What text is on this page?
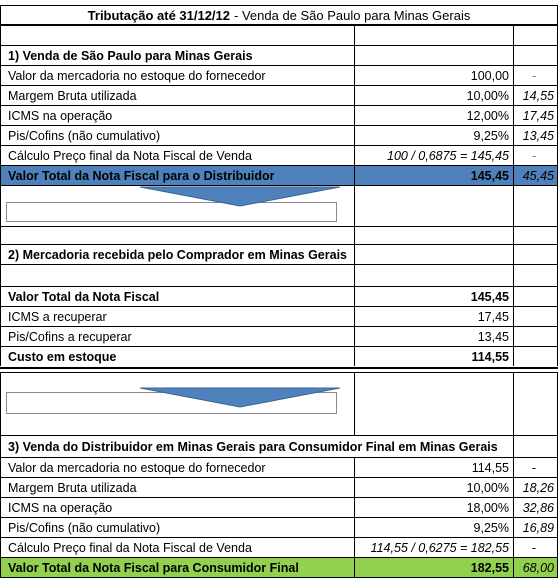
Tributação até 31/12/12 - Venda de São Paulo para Minas Gerais
1) Venda de São Paulo para Minas Gerais
Valor da mercadoria no estoque do fornecedor	100,00	-
Margem Bruta utilizada	10,00%	14,55
ICMS na operação	12,00%	17,45
Pis/Cofins (não cumulativo)	9,25%	13,45
Cálculo Preço final da Nota Fiscal de Venda	100 / 0,6875 = 145,45	-
Valor Total da Nota Fiscal para o Distribuidor	145,45	45,45
2) Mercadoria recebida pelo Comprador em Minas Gerais
Valor Total da Nota Fiscal	145,45
ICMS a recuperar	17,45
Pis/Cofins a recuperar	13,45
Custo em estoque	114,55
3) Venda do Distribuidor em Minas Gerais para Consumidor Final em Minas Gerais
Valor da mercadoria no estoque do fornecedor	114,55	-
Margem Bruta utilizada	10,00%	18,26
ICMS na operação	18,00%	32,86
Pis/Cofins (não cumulativo)	9,25%	16,89
Cálculo Preço final da Nota Fiscal de Venda	114,55 / 0,6275 = 182,55	-
Valor Total da Nota Fiscal para Consumidor Final	182,55	68,00
